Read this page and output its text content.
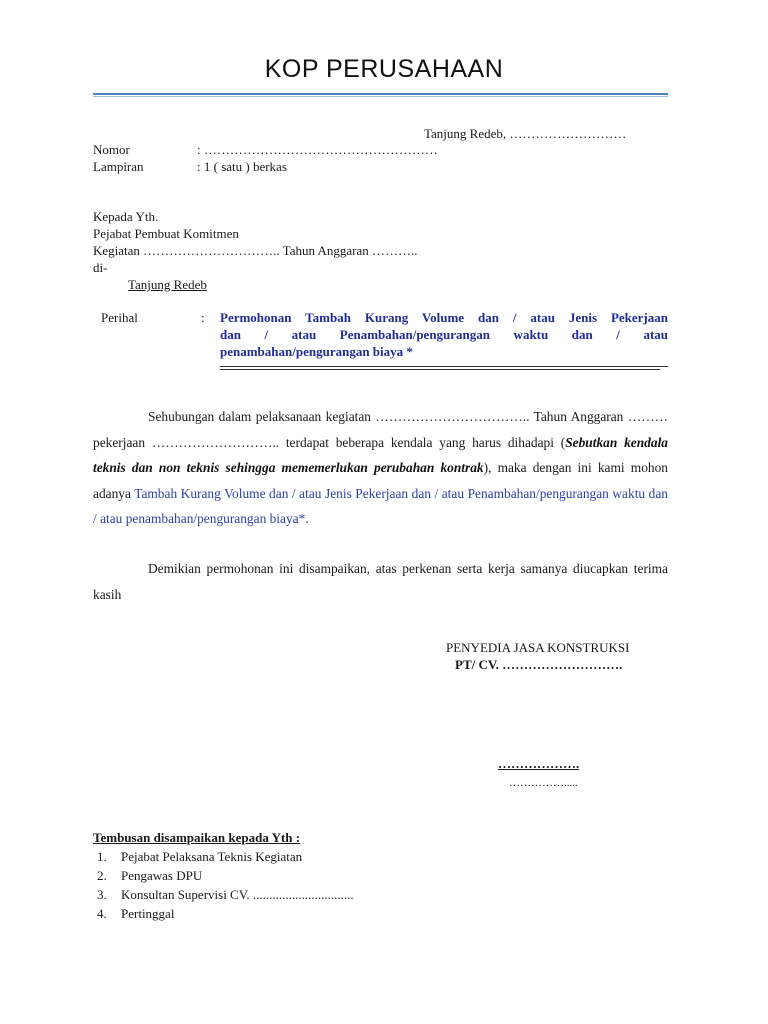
KOP PERUSAHAAN
Tanjung Redeb, ………………………
Nomor	: ………………………………………………
Lampiran	: 1 ( satu ) berkas
Kepada Yth.
Pejabat Pembuat Komitmen
Kegiatan ………………………….. Tahun Anggaran ………..
di-
Tanjung Redeb
Perihal	: Permohonan Tambah Kurang Volume dan / atau Jenis Pekerjaan
dan / atau Penambahan/pengurangan waktu dan / atau
penambahan/pengurangan biaya *
Sehubungan dalam pelaksanaan kegiatan …………………………….. Tahun Anggaran ……… pekerjaan ……………………….. terdapat beberapa kendala yang harus dihadapi (Sebutkan kendala teknis dan non teknis sehingga mememerlukan perubahan kontrak), maka dengan ini kami mohon adanya Tambah Kurang Volume dan / atau Jenis Pekerjaan dan / atau Penambahan/pengurangan waktu dan / atau penambahan/pengurangan biaya*.
Demikian permohonan ini disampaikan, atas perkenan serta kerja samanya diucapkan terima kasih
PENYEDIA JASA KONSTRUKSI
PT/ CV. ……………………….
……………….
…………….....
Tembusan disampaikan kepada Yth :
1.	Pejabat Pelaksana Teknis Kegiatan
2.	Pengawas DPU
3.	Konsultan Supervisi CV. ...............................
4.	Pertinggal
